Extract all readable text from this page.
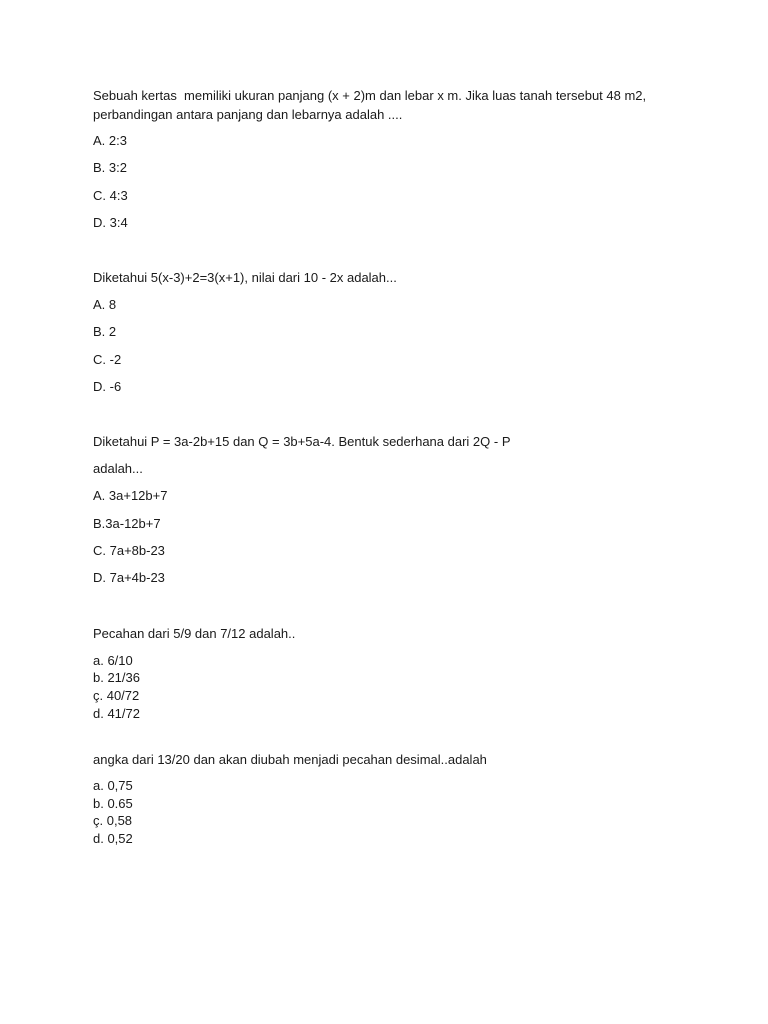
Sebuah kertas  memiliki ukuran panjang (x + 2)m dan lebar x m. Jika luas tanah tersebut 48 m2, perbandingan antara panjang dan lebarnya adalah ....

A. 2:3

B. 3:2

C. 4:3

D. 3:4

Diketahui 5(x-3)+2=3(x+1), nilai dari 10 - 2x adalah...

A. 8

B. 2

C. -2

D. -6

Diketahui P = 3a-2b+15 dan Q = 3b+5a-4. Bentuk sederhana dari 2Q - P

adalah...

A. 3a+12b+7

B.3a-12b+7

C. 7a+8b-23

D. 7a+4b-23

Pecahan dari 5/9 dan 7/12 adalah..

a. 6/10

b. 21/36

ç. 40/72

d. 41/72

angka dari 13/20 dan akan diubah menjadi pecahan desimal..adalah

a. 0,75

b. 0.65

ç. 0,58

d. 0,52
